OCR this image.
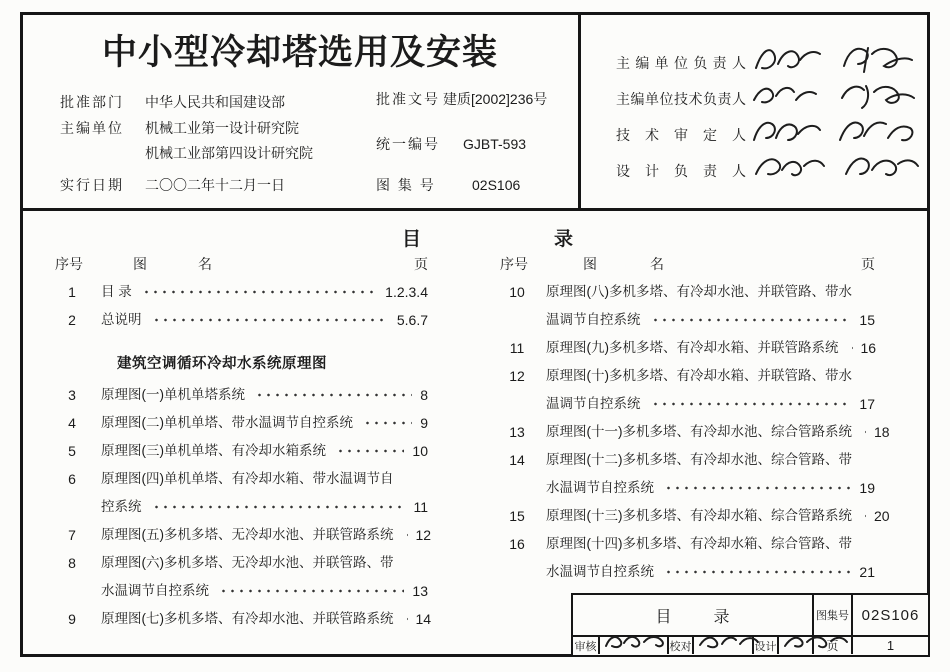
中小型冷却塔选用及安装
批准部门 中华人民共和国建设部
主编单位 机械工业第一设计研究院
机械工业部第四设计研究院
实行日期 二〇〇二年十二月一日
批准文号 建质[2002]236号
统一编号 GJBT-593
图 集 号	02S106
主编单位负责人
主编单位技术负责人
技术审定人
设计负责人
目	录
序号	图	名	页
1	目 录	1.2.3.4
2	总说明	5.6.7
建筑空调循环冷却水系统原理图
3	原理图(一)单机单塔系统	8
4	原理图(二)单机单塔、带水温调节自控系统	9
5	原理图(三)单机单塔、有冷却水箱系统	10
6	原理图(四)单机单塔、有冷却水箱、带水温调节自
控系统	11
7	原理图(五)多机多塔、无冷却水池、并联管路系统 12
8	原理图(六)多机多塔、无冷却水池、并联管路、带
水温调节自控系统	13
9	原理图(七)多机多塔、有冷却水池、并联管路系统 14
序号	图	名	页
10	原理图(八)多机多塔、有冷却水池、并联管路、带水
温调节自控系统	15
11	原理图(九)多机多塔、有冷却水箱、并联管路系统 16
12	原理图(十)多机多塔、有冷却水箱、并联管路、带水
温调节自控系统	17
13	原理图(十一)多机多塔、有冷却水池、综合管路系统 18
14	原理图(十二)多机多塔、有冷却水池、综合管路、带
水温调节自控系统	19
15	原理图(十三)多机多塔、有冷却水箱、综合管路系统 20
16	原理图(十四)多机多塔、有冷却水箱、综合管路、带
水温调节自控系统	21
目	录	图集号 02S106
审核	校对	设计	页	1
